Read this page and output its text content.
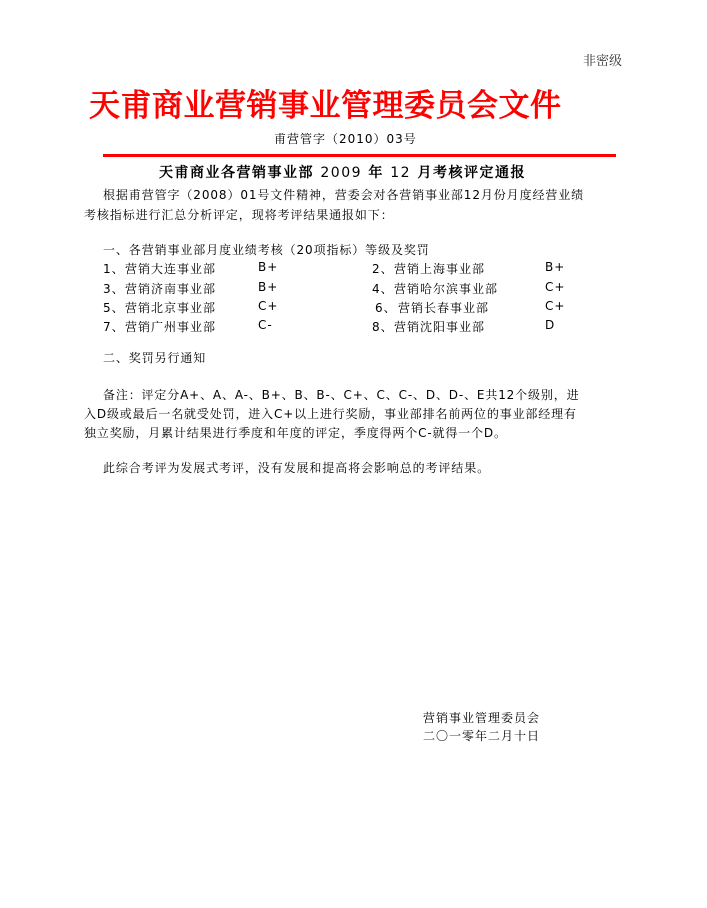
非密级
天甫商业营销事业管理委员会文件
甫营管字（2010）03号
天甫商业各营销事业部 2009 年 12 月考核评定通报
根据甫营管字（2008）01号文件精神，营委会对各营销事业部12月份月度经营业绩
考核指标进行汇总分析评定，现将考评结果通报如下：
一、各营销事业部月度业绩考核（20项指标）等级及奖罚
1、 营销大连事业部	B+	2、 营销上海事业部	B+
3、 营销济南事业部	B+	4、 营销哈尔滨事业部	C+
5、 营销北京事业部	C+	6、 营销长春事业部	C+
7、 营销广州事业部	C-	8、 营销沈阳事业部	D
二、奖罚另行通知
备注：评定分A+、A、A-、B+、B、B-、C+、C、C-、D、D-、E共12个级别，进
入D级或最后一名就受处罚，进入C+以上进行奖励，事业部排名前两位的事业部经理有
独立奖励，月累计结果进行季度和年度的评定，季度得两个C-就得一个D。
此综合考评为发展式考评，没有发展和提高将会影响总的考评结果。
营销事业管理委员会
二〇一零年二月十日
